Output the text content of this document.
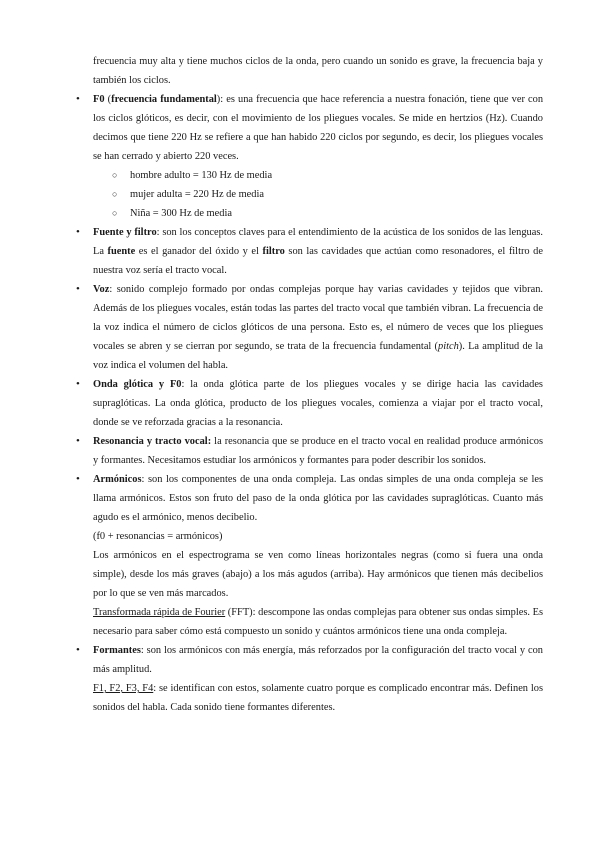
frecuencia muy alta y tiene muchos ciclos de la onda, pero cuando un sonido es grave, la frecuencia baja y también los ciclos.

• F0 (frecuencia fundamental): es una frecuencia que hace referencia a nuestra fonación, tiene que ver con los ciclos glóticos, es decir, con el movimiento de los pliegues vocales. Se mide en hertzios (Hz). Cuando decimos que tiene 220 Hz se refiere a que han habido 220 ciclos por segundo, es decir, los pliegues vocales se han cerrado y abierto 220 veces.

○ hombre adulto = 130 Hz de media

○ mujer adulta = 220 Hz de media

○ Niña = 300 Hz de media

• Fuente y filtro: son los conceptos claves para el entendimiento de la acústica de los sonidos de las lenguas. La fuente es el ganador del óxido y el filtro son las cavidades que actúan como resonadores, el filtro de nuestra voz sería el tracto vocal.

• Voz: sonido complejo formado por ondas complejas porque hay varias cavidades y tejidos que vibran. Además de los pliegues vocales, están todas las partes del tracto vocal que también vibran. La frecuencia de la voz indica el número de ciclos glóticos de una persona. Esto es, el número de veces que los pliegues vocales se abren y se cierran por segundo, se trata de la frecuencia fundamental (pitch). La amplitud de la voz indica el volumen del habla.

• Onda glótica y F0: la onda glótica parte de los pliegues vocales y se dirige hacia las cavidades supraglóticas. La onda glótica, producto de los pliegues vocales, comienza a viajar por el tracto vocal, donde se ve reforzada gracias a la resonancia.

• Resonancia y tracto vocal: la resonancia que se produce en el tracto vocal en realidad produce armónicos y formantes. Necesitamos estudiar los armónicos y formantes para poder describir los sonidos.

• Armónicos: son los componentes de una onda compleja. Las ondas simples de una onda compleja se les llama armónicos. Estos son fruto del paso de la onda glótica por las cavidades supraglóticas. Cuanto más agudo es el armónico, menos decibelio.

(f0 + resonancias = armónicos)

Los armónicos en el espectrograma se ven como líneas horizontales negras (como si fuera una onda simple), desde los más graves (abajo) a los más agudos (arriba). Hay armónicos que tienen más decibelios por lo que se ven más marcados.

Transformada rápida de Fourier (FFT): descompone las ondas complejas para obtener sus ondas simples. Es necesario para saber cómo está compuesto un sonido y cuántos armónicos tiene una onda compleja.

• Formantes: son los armónicos con más energía, más reforzados por la configuración del tracto vocal y con más amplitud.

F1, F2, F3, F4: se identifican con estos, solamente cuatro porque es complicado encontrar más. Definen los sonidos del habla. Cada sonido tiene formantes diferentes.
